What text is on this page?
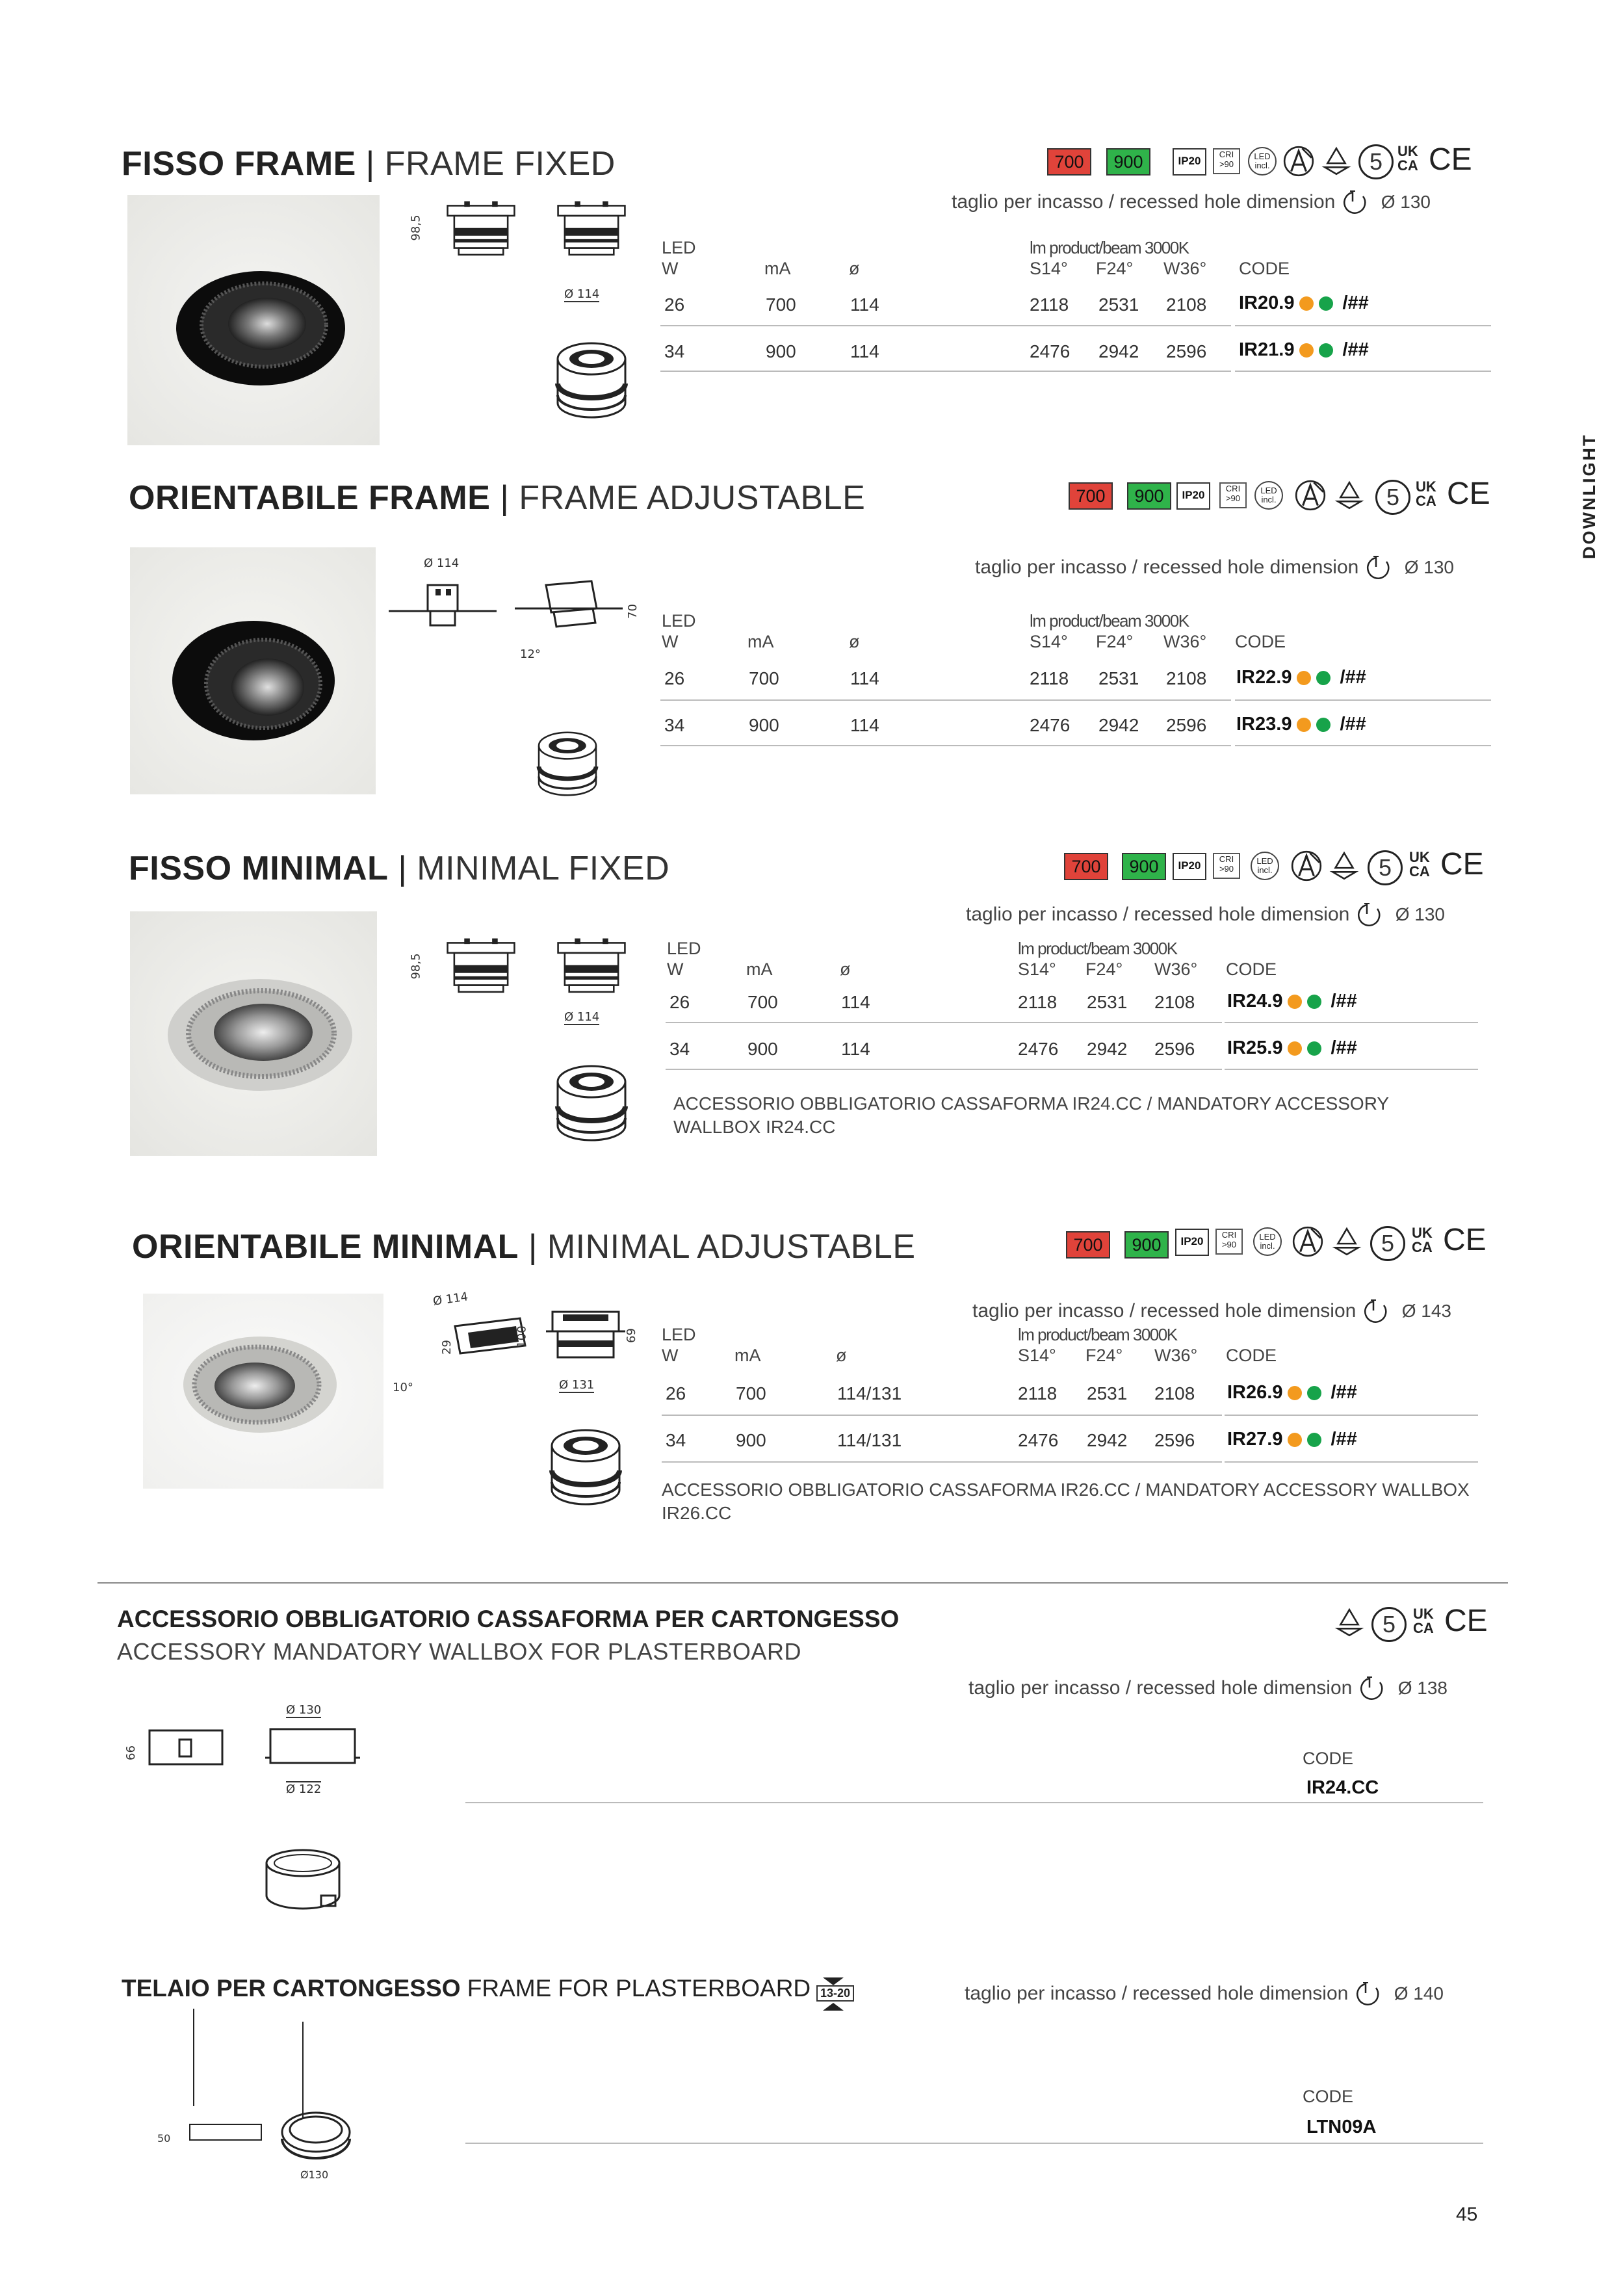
FISSO FRAME | FRAME FIXED	700	900	IP20
CRI
>90
LED
incl.	5	UK
CA CE
taglio per incasso / recessed hole dimension	Ø 130
98,5
Ø 114
LED
W	mA	ø
lm product/beam 3000K
S14° F24° W36° CODE
26	700	114	2118 2531 2108 IR20.9	/##
34	900	114	2476 2942 2596 IR21.9	/##
ORIENTABILE FRAME | FRAME ADJUSTABLE	700	900	IP20
CRI
>90
LED
incl.	5	UK
CA CE
taglio per incasso / recessed hole dimension	Ø 130
Ø 114
70
12°
LED
W	mA	ø
lm product/beam 3000K
S14° F24° W36° CODE
26	700	114	2118 2531 2108 IR22.9	/##
34	900	114	2476 2942 2596 IR23.9	/##
FISSO MINIMAL | MINIMAL FIXED	700	900	IP20
CRI
>90
LED
incl.	5	UK
CA CE
taglio per incasso / recessed hole dimension	Ø 130
98,5
Ø 114
LED
W	mA	ø
lm product/beam 3000K
S14° F24° W36° CODE
26	700	114	2118 2531 2108 IR24.9	/##
34	900	114	2476 2942 2596 IR25.9	/##
ACCESSORIO OBBLIGATORIO CASSAFORMA IR24.CC / MANDATORY ACCESSORY WALLBOX IR24.CC
ORIENTABILE MINIMAL | MINIMAL ADJUSTABLE	700	900	IP20
CRI
>90
LED
incl.	5	UK
CA CE
taglio per incasso / recessed hole dimension	Ø 143
Ø 114
29
10°
100	69
Ø 131
LED
W	mA	ø
lm product/beam 3000K
S14° F24° W36° CODE
26	700	114/131	2118 2531 2108 IR26.9	/##
34	900	114/131	2476 2942 2596 IR27.9	/##
ACCESSORIO OBBLIGATORIO CASSAFORMA IR26.CC / MANDATORY ACCESSORY WALLBOX IR26.CC
ACCESSORIO OBBLIGATORIO CASSAFORMA PER CARTONGESSO
ACCESSORY MANDATORY WALLBOX FOR PLASTERBOARD
5	UK
CA CE
taglio per incasso / recessed hole dimension	Ø 138
66
Ø 130
Ø 122
CODE
IR24.CC
TELAIO PER CARTONGESSO FRAME FOR PLASTERBOARD 13-20	taglio per incasso / recessed hole dimension	Ø 140
50
Ø130
CODE
LTN09A
DOWNLIGHT
45
